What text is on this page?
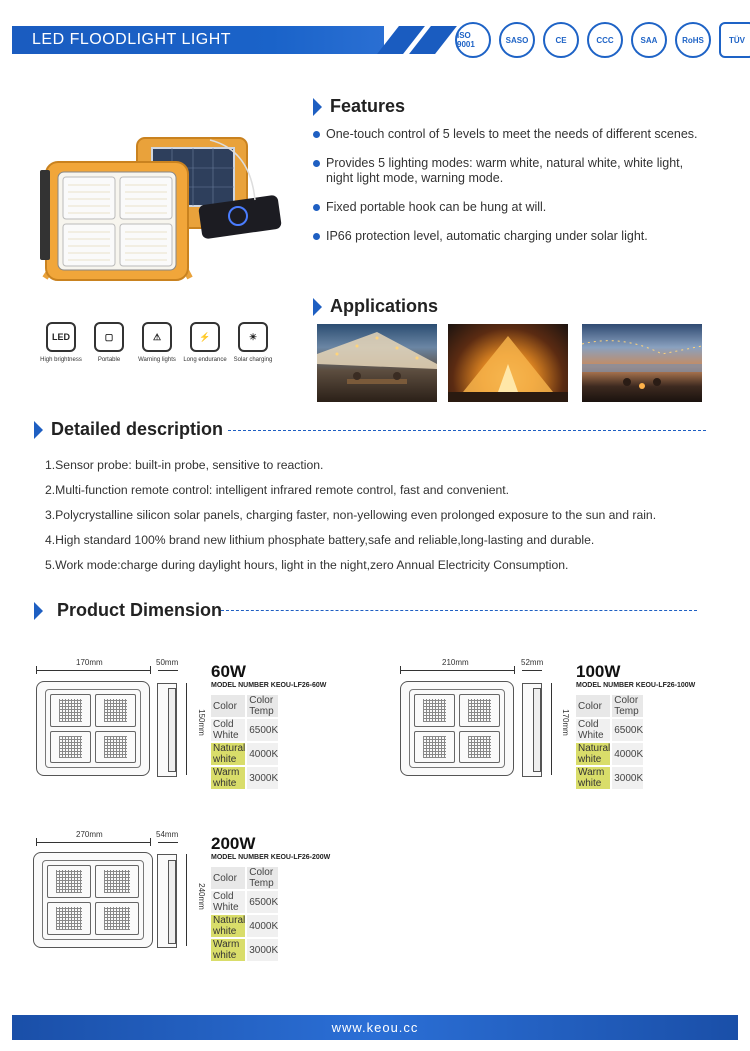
LED FLOODLIGHT LIGHT	ISO 9001	SASO	CE	CCC	SAA	RoHS	TÜV
Features
One-touch control of 5 levels to meet the needs of different scenes.
Provides 5 lighting modes: warm white, natural white, white light, night light mode, warning mode.
Fixed portable hook can be hung at will.
IP66 protection level, automatic charging under solar light.
LED
High brightness
▢
Portable
⚠
Warning lights
⚡
Long endurance
☀
Solar charging
Applications
Detailed description
1.Sensor probe: built-in probe, sensitive to reaction.
2.Multi-function remote control: intelligent infrared remote control, fast and convenient.
3.Polycrystalline silicon solar panels, charging faster, non-yellowing even prolonged exposure to the sun and rain.
4.High standard 100% brand new lithium phosphate battery,safe and reliable,long-lasting and durable.
5.Work mode:charge during daylight hours, light in the night,zero Annual Electricity Consumption.
Product Dimension
170mm	50mm
150mm
60W
MODEL NUMBER KEOU-LF26-60W
Color	Color Temp
Cold White	6500K
Natural white	4000K
Warm white	3000K
210mm	52mm
170mm
100W
MODEL NUMBER KEOU-LF26-100W
Color	Color Temp
Cold White	6500K
Natural white	4000K
Warm white	3000K
270mm	54mm
240mm
200W
MODEL NUMBER KEOU-LF26-200W
Color	Color Temp
Cold White	6500K
Natural white	4000K
Warm white	3000K
www.keou.cc
